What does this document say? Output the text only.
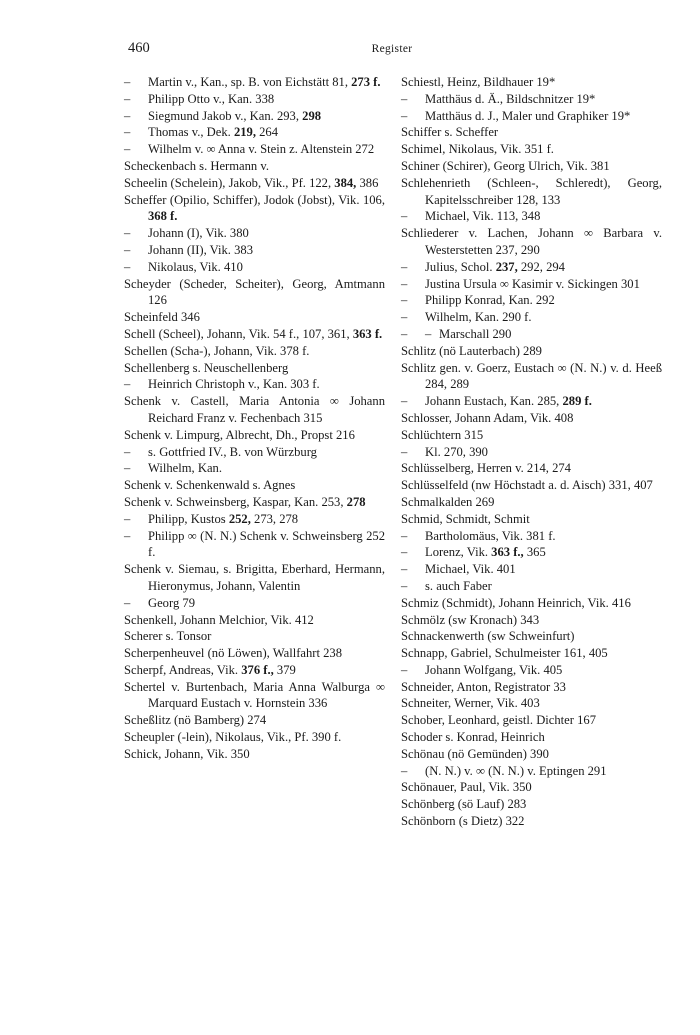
460	Register
– Martin v., Kan., sp. B. von Eichstätt 81, 273 f.
– Philipp Otto v., Kan. 338
– Siegmund Jakob v., Kan. 293, 298
– Thomas v., Dek. 219, 264
– Wilhelm v. ∞ Anna v. Stein z. Altenstein 272
Scheckenbach s. Hermann v.
Scheelin (Schelein), Jakob, Vik., Pf. 122, 384, 386
Scheffer (Opilio, Schiffer), Jodok (Jobst), Vik. 106, 368 f.
– Johann (I), Vik. 380
– Johann (II), Vik. 383
– Nikolaus, Vik. 410
Scheyder (Scheder, Scheiter), Georg, Amtmann 126
Scheinfeld 346
Schell (Scheel), Johann, Vik. 54 f., 107, 361, 363 f.
Schellen (Scha-), Johann, Vik. 378 f.
Schellenberg s. Neuschellenberg
– Heinrich Christoph v., Kan. 303 f.
Schenk v. Castell, Maria Antonia ∞ Johann Reichard Franz v. Fechenbach 315
Schenk v. Limpurg, Albrecht, Dh., Propst 216
– s. Gottfried IV., B. von Würzburg
– Wilhelm, Kan.
Schenk v. Schenkenwald s. Agnes
Schenk v. Schweinsberg, Kaspar, Kan. 253, 278
– Philipp, Kustos 252, 273, 278
– Philipp ∞ (N. N.) Schenk v. Schweinsberg 252 f.
Schenk v. Siemau, s. Brigitta, Eberhard, Hermann, Hieronymus, Johann, Valentin
– Georg 79
Schenkell, Johann Melchior, Vik. 412
Scherer s. Tonsor
Scherpenheuvel (nö Löwen), Wallfahrt 238
Scherpf, Andreas, Vik. 376 f., 379
Schertel v. Burtenbach, Maria Anna Walburga ∞ Marquard Eustach v. Hornstein 336
Scheßlitz (nö Bamberg) 274
Scheupler (-lein), Nikolaus, Vik., Pf. 390 f.
Schick, Johann, Vik. 350
Schiestl, Heinz, Bildhauer 19*
– Matthäus d. Ä., Bildschnitzer 19*
– Matthäus d. J., Maler und Graphiker 19*
Schiffer s. Scheffer
Schimel, Nikolaus, Vik. 351 f.
Schiner (Schirer), Georg Ulrich, Vik. 381
Schlehenrieth (Schleen-, Schleredt), Georg, Kapitelsschreiber 128, 133
– Michael, Vik. 113, 348
Schliederer v. Lachen, Johann ∞ Barbara v. Westerstetten 237, 290
– Julius, Schol. 237, 292, 294
– Justina Ursula ∞ Kasimir v. Sickingen 301
– Philipp Konrad, Kan. 292
– Wilhelm, Kan. 290 f.
– – Marschall 290
Schlitz (nö Lauterbach) 289
Schlitz gen. v. Goerz, Eustach ∞ (N. N.) v. d. Heeß 284, 289
– Johann Eustach, Kan. 285, 289 f.
Schlosser, Johann Adam, Vik. 408
Schlüchtern 315
– Kl. 270, 390
Schlüsselberg, Herren v. 214, 274
Schlüsselfeld (nw Höchstadt a. d. Aisch) 331, 407
Schmalkalden 269
Schmid, Schmidt, Schmit
– Bartholomäus, Vik. 381 f.
– Lorenz, Vik. 363 f., 365
– Michael, Vik. 401
– s. auch Faber
Schmiz (Schmidt), Johann Heinrich, Vik. 416
Schmölz (sw Kronach) 343
Schnackenwerth (sw Schweinfurt)
Schnapp, Gabriel, Schulmeister 161, 405
– Johann Wolfgang, Vik. 405
Schneider, Anton, Registrator 33
Schneiter, Werner, Vik. 403
Schober, Leonhard, geistl. Dichter 167
Schoder s. Konrad, Heinrich
Schönau (nö Gemünden) 390
– (N. N.) v. ∞ (N. N.) v. Eptingen 291
Schönauer, Paul, Vik. 350
Schönberg (sö Lauf) 283
Schönborn (s Dietz) 322
